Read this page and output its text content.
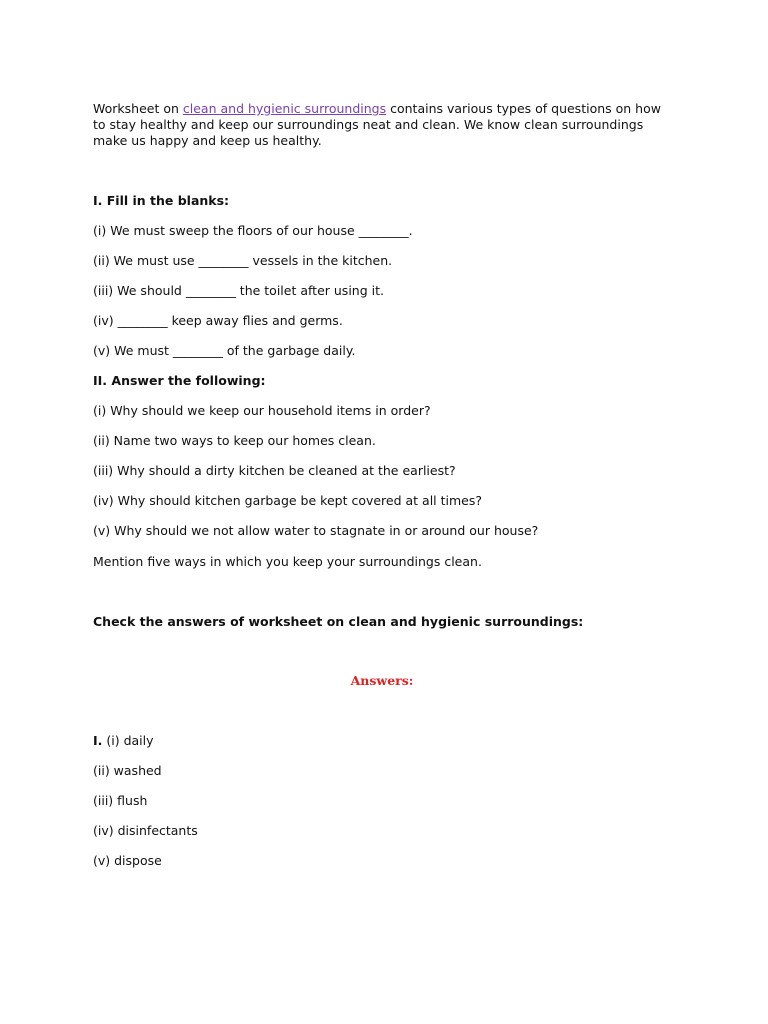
Worksheet on clean and hygienic surroundings contains various types of questions on how to stay healthy and keep our surroundings neat and clean. We know clean surroundings make us happy and keep us healthy.

I. Fill in the blanks:

(i) We must sweep the floors of our house ________.

(ii) We must use ________ vessels in the kitchen.

(iii) We should ________ the toilet after using it.

(iv) ________ keep away flies and germs.

(v) We must ________ of the garbage daily.

II. Answer the following:

(i) Why should we keep our household items in order?

(ii) Name two ways to keep our homes clean.

(iii) Why should a dirty kitchen be cleaned at the earliest?

(iv) Why should kitchen garbage be kept covered at all times?

(v) Why should we not allow water to stagnate in or around our house?

Mention five ways in which you keep your surroundings clean.

Check the answers of worksheet on clean and hygienic surroundings:

Answers:

I. (i) daily

(ii) washed

(iii) flush

(iv) disinfectants

(v) dispose
